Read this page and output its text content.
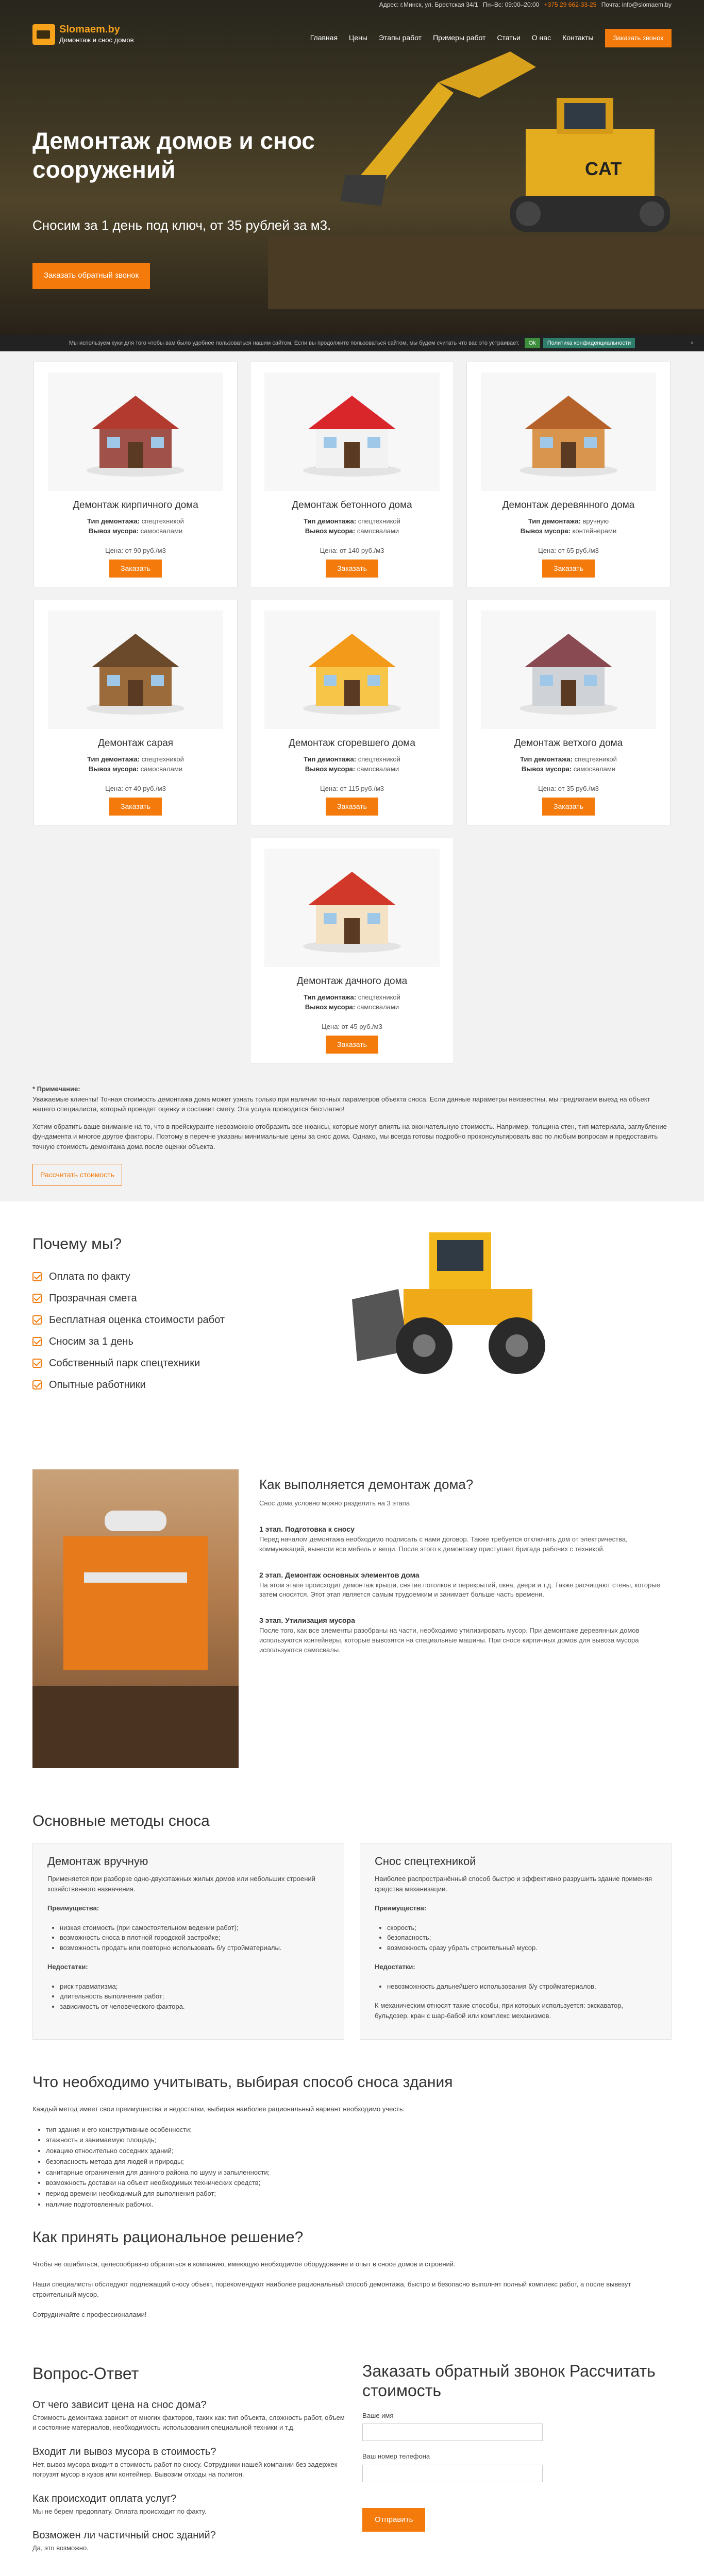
CAT
Адрес: г.Минск, ул. Брестская 34/1 Пн–Вс: 09:00–20:00 +375 29 662-33-25 Почта: info@slomaem.by
Slomaem.by
Демонтаж и снос домов	Главная Цены Этапы работ Примеры работ Статьи О нас Контакты	Заказать звонок
Демонтаж домов и снос сооружений
Сносим за 1 день под ключ, от 35 рублей за м3.
Заказать обратный звонок
Мы используем куки для того чтобы вам было удобнее пользоваться нашим сайтом. Если вы продолжите пользоваться сайтом, мы будем считать что вас это устраивает.	Ok	Политика конфиденциальности	×
Демонтаж кирпичного дома
Тип демонтажа: спецтехникой
Вывоз мусора: самосвалами
Цена: от 90 руб./м3
Заказать
Демонтаж бетонного дома
Тип демонтажа: спецтехникой
Вывоз мусора: самосвалами
Цена: от 140 руб./м3
Заказать
Демонтаж деревянного дома
Тип демонтажа: вручную
Вывоз мусора: контейнерами
Цена: от 65 руб./м3
Заказать
Демонтаж сарая
Тип демонтажа: спецтехникой
Вывоз мусора: самосвалами
Цена: от 40 руб./м3
Заказать
Демонтаж сгоревшего дома
Тип демонтажа: спецтехникой
Вывоз мусора: самосвалами
Цена: от 115 руб./м3
Заказать
Демонтаж ветхого дома
Тип демонтажа: спецтехникой
Вывоз мусора: самосвалами
Цена: от 35 руб./м3
Заказать
Демонтаж дачного дома
Тип демонтажа: спецтехникой
Вывоз мусора: самосвалами
Цена: от 45 руб./м3
Заказать

* Примечание:
Уважаемые клиенты! Точная стоимость демонтажа дома может узнать только при наличии точных параметров объекта сноса. Если данные параметры неизвестны, мы предлагаем выезд на объект нашего специалиста, который проведет оценку и составит смету. Эта услуга проводится бесплатно!

Хотим обратить ваше внимание на то, что в прейскуранте невозможно отобразить все нюансы, которые могут влиять на окончательную стоимость. Например, толщина стен, тип материала, заглубление фундамента и многое другое факторы. Поэтому в перечне указаны минимальные цены за снос дома. Однако, мы всегда готовы подробно проконсультировать вас по любым вопросам и предоставить точную стоимость демонтажа дома после оценки объекта.

Рассчитать стоимость
Почему мы?
Оплата по факту
Прозрачная смета
Бесплатная оценка стоимости работ
Сносим за 1 день
Собственный парк спецтехники
Опытные работники
Как выполняется демонтаж дома?

Снос дома условно можно разделить на 3 этапа

1 этап. Подготовка к сносу

Перед началом демонтажа необходимо подписать с нами договор. Также требуется отключить дом от электричества, коммуникаций, вынести все мебель и вещи. После этого к демонтажу приступает бригада рабочих с техникой.

2 этап. Демонтаж основных элементов дома

На этом этапе происходит демонтаж крыши, снятие потолков и перекрытий, окна, двери и т.д. Также расчищают стены, которые затем сносятся. Этот этап является самым трудоемким и занимает больше часть времени.

3 этап. Утилизация мусора

После того, как все элементы разобраны на части, необходимо утилизировать мусор. При демонтаже деревянных домов используются контейнеры, которые вывозятся на специальные машины. При сносе кирпичных домов для вывоза мусора используются самосвалы.

Основные методы сноса
Демонтаж вручную

Применяется при разборке одно-двухэтажных жилых домов или небольших строений хозяйственного назначения.

Преимущества:

• низкая стоимость (при самостоятельном ведении работ);
• возможность сноса в плотной городской застройке;
• возможность продать или повторно использовать б/у стройматериалы.

Недостатки:

• риск травматизма;
• длительность выполнения работ;
• зависимость от человеческого фактора.
Снос спецтехникой

Наиболее распространённый способ быстро и эффективно разрушить здание применяя средства механизации.

Преимущества:

• скорость;
• безопасность;
• возможность сразу убрать строительный мусор.

Недостатки:

• невозможность дальнейшего использования б/у стройматериалов.

К механическим относят такие способы, при которых используется: экскаватор, бульдозер, кран с шар-бабой или комплекс механизмов.

Что необходимо учитывать, выбирая способ сноса здания

Каждый метод имеет свои преимущества и недостатки, выбирая наиболее рациональный вариант необходимо учесть:

• тип здания и его конструктивные особенности;
• этажность и занимаемую площадь;
• локацию относительно соседних зданий;
• безопасность метода для людей и природы;
• санитарные ограничения для данного района по шуму и запыленности;
• возможность доставки на объект необходимых технических средств;
• период времени необходимый для выполнения работ;
• наличие подготовленных рабочих.
Как принять рациональное решение?

Чтобы не ошибиться, целесообразно обратиться в компанию, имеющую необходимое оборудование и опыт в сносе домов и строений.

Наши специалисты обследуют подлежащий сносу объект, порекомендуют наиболее рациональный способ демонтажа, быстро и безопасно выполнят полный комплекс работ, а после вывезут строительный мусор.

Сотрудничайте с профессионалами!

Вопрос-Ответ
От чего зависит цена на снос дома?

Стоимость демонтажа зависит от многих факторов, таких как: тип объекта, сложность работ, объем и состояние материалов, необходимость использования специальной техники и т.д.

Входит ли вывоз мусора в стоимость?

Нет, вывоз мусора входит в стоимость работ по сносу. Сотрудники нашей компании без задержек погрузят мусор в кузов или контейнер. Вывозим отходы на полигон.

Как происходит оплата услуг?

Мы не берем предоплату. Оплата происходит по факту.

Возможен ли частичный снос зданий?

Да, это возможно.

Заказать обратный звонок Рассчитать стоимость
Ваше имя
Ваш номер телефона

Отправить
